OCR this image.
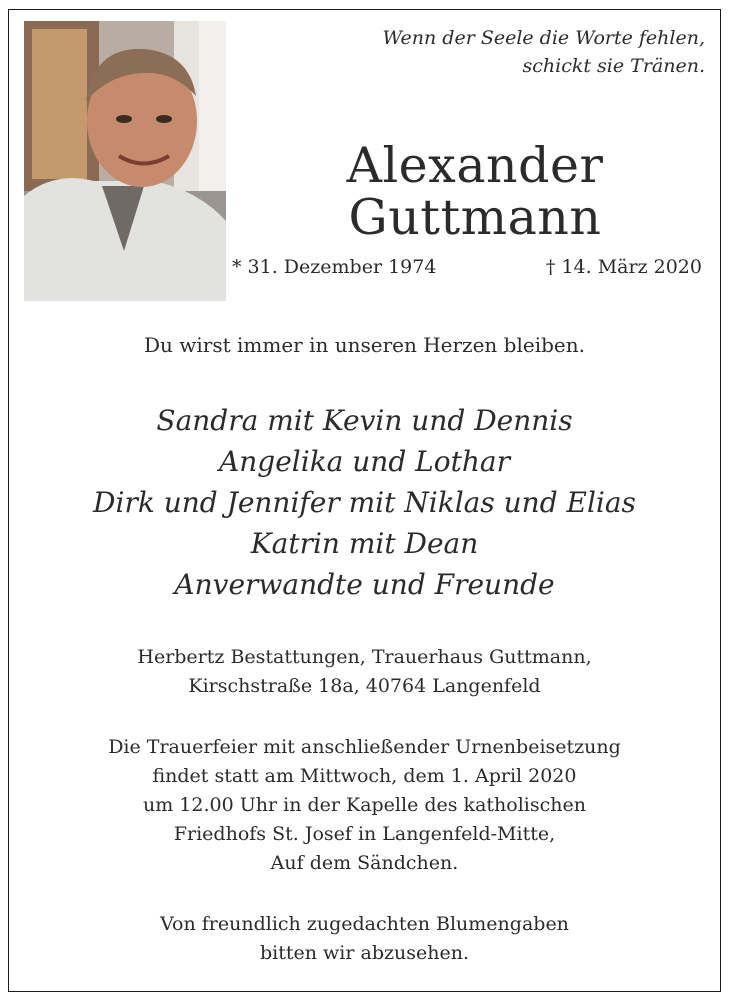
Wenn der Seele die Worte fehlen,
schickt sie Tränen.

Alexander
Guttmann
* 31. Dezember 1974	† 14. März 2020

Du wirst immer in unseren Herzen bleiben.

Sandra mit Kevin und Dennis
Angelika und Lothar
Dirk und Jennifer mit Niklas und Elias
Katrin mit Dean
Anverwandte und Freunde

Herbertz Bestattungen, Trauerhaus Guttmann,
Kirschstraße 18a, 40764 Langenfeld

Die Trauerfeier mit anschließender Urnenbeisetzung
findet statt am Mittwoch, dem 1. April 2020
um 12.00 Uhr in der Kapelle des katholischen
Friedhofs St. Josef in Langenfeld-Mitte,
Auf dem Sändchen.

Von freundlich zugedachten Blumengaben
bitten wir abzusehen.
